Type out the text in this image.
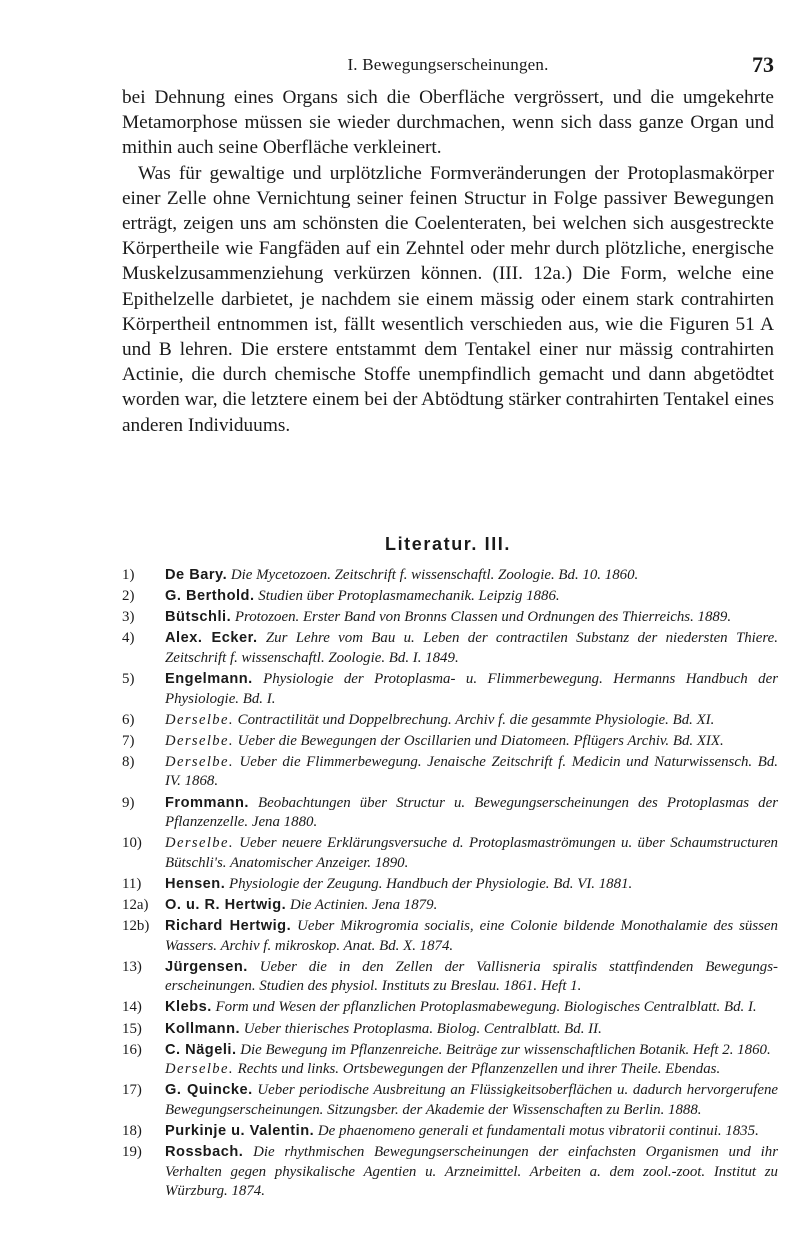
I. Bewegungserscheinungen.	73

bei Dehnung eines Organs sich die Oberfläche vergrössert, und die umgekehrte Metamorphose müssen sie wieder durchmachen, wenn sich dass ganze Organ und mithin auch seine Oberfläche verkleinert.

Was für gewaltige und urplötzliche Formveränderungen der Protoplasmakörper einer Zelle ohne Vernichtung seiner feinen Structur in Folge passiver Bewegungen erträgt, zeigen uns am schönsten die Coelenteraten, bei welchen sich ausgestreckte Körpertheile wie Fangfäden auf ein Zehntel oder mehr durch plötzliche, energische Muskelzusammenziehung verkürzen können. (III. 12a.) Die Form, welche eine Epithelzelle darbietet, je nachdem sie einem mässig oder einem stark contrahirten Körpertheil entnommen ist, fällt wesentlich verschieden aus, wie die Figuren 51 A und B lehren. Die erstere entstammt dem Tentakel einer nur mässig contrahirten Actinie, die durch chemische Stoffe unempfindlich gemacht und dann abgetödtet worden war, die letztere einem bei der Abtödtung stärker contrahirten Tentakel eines anderen Individuums.

Literatur. III.
1)	De Bary. Die Mycetozoen. Zeitschrift f. wissenschaftl. Zoologie. Bd. 10. 1860.
2)	G. Berthold. Studien über Protoplasmamechanik. Leipzig 1886.
3)	Bütschli. Protozoen. Erster Band von Bronns Classen und Ordnungen des Thierreichs. 1889.
4)	Alex. Ecker. Zur Lehre vom Bau u. Leben der contractilen Substanz der niedersten Thiere. Zeitschrift f. wissenschaftl. Zoologie. Bd. I. 1849.
5)	Engelmann. Physiologie der Protoplasma- u. Flimmerbewegung. Hermanns Handbuch der Physiologie. Bd. I.
6)	Derselbe. Contractilität und Doppelbrechung. Archiv f. die gesammte Physiologie. Bd. XI.
7)	Derselbe. Ueber die Bewegungen der Oscillarien und Diatomeen. Pflügers Archiv. Bd. XIX.
8)	Derselbe. Ueber die Flimmerbewegung. Jenaische Zeitschrift f. Medicin und Naturwissensch. Bd. IV. 1868.
9)	Frommann. Beobachtungen über Structur u. Bewegungserscheinungen des Protoplasmas der Pflanzenzelle. Jena 1880.
10)	Derselbe. Ueber neuere Erklärungsversuche d. Protoplasmaströmungen u. über Schaumstructuren Bütschli's. Anatomischer Anzeiger. 1890.
11)	Hensen. Physiologie der Zeugung. Handbuch der Physiologie. Bd. VI. 1881.
12a)	O. u. R. Hertwig. Die Actinien. Jena 1879.
12b)	Richard Hertwig. Ueber Mikrogromia socialis, eine Colonie bildende Monothalamie des süssen Wassers. Archiv f. mikroskop. Anat. Bd. X. 1874.
13)	Jürgensen. Ueber die in den Zellen der Vallisneria spiralis stattfindenden Bewegungserscheinungen. Studien des physiol. Instituts zu Breslau. 1861. Heft 1.
14)	Klebs. Form und Wesen der pflanzlichen Protoplasmabewegung. Biologisches Centralblatt. Bd. I.
15)	Kollmann. Ueber thierisches Protoplasma. Biolog. Centralblatt. Bd. II.
16)	C. Nägeli. Die Bewegung im Pflanzenreiche. Beiträge zur wissenschaftlichen Botanik. Heft 2. 1860.
Derselbe. Rechts und links. Ortsbewegungen der Pflanzenzellen und ihrer Theile. Ebendas.
17)	G. Quincke. Ueber periodische Ausbreitung an Flüssigkeitsoberflächen u. dadurch hervorgerufene Bewegungserscheinungen. Sitzungsber. der Akademie der Wissenschaften zu Berlin. 1888.
18)	Purkinje u. Valentin. De phaenomeno generali et fundamentali motus vibratorii continui. 1835.
19)	Rossbach. Die rhythmischen Bewegungserscheinungen der einfachsten Organismen und ihr Verhalten gegen physikalische Agentien u. Arzneimittel. Arbeiten a. dem zool.-zoot. Institut zu Würzburg. 1874.
